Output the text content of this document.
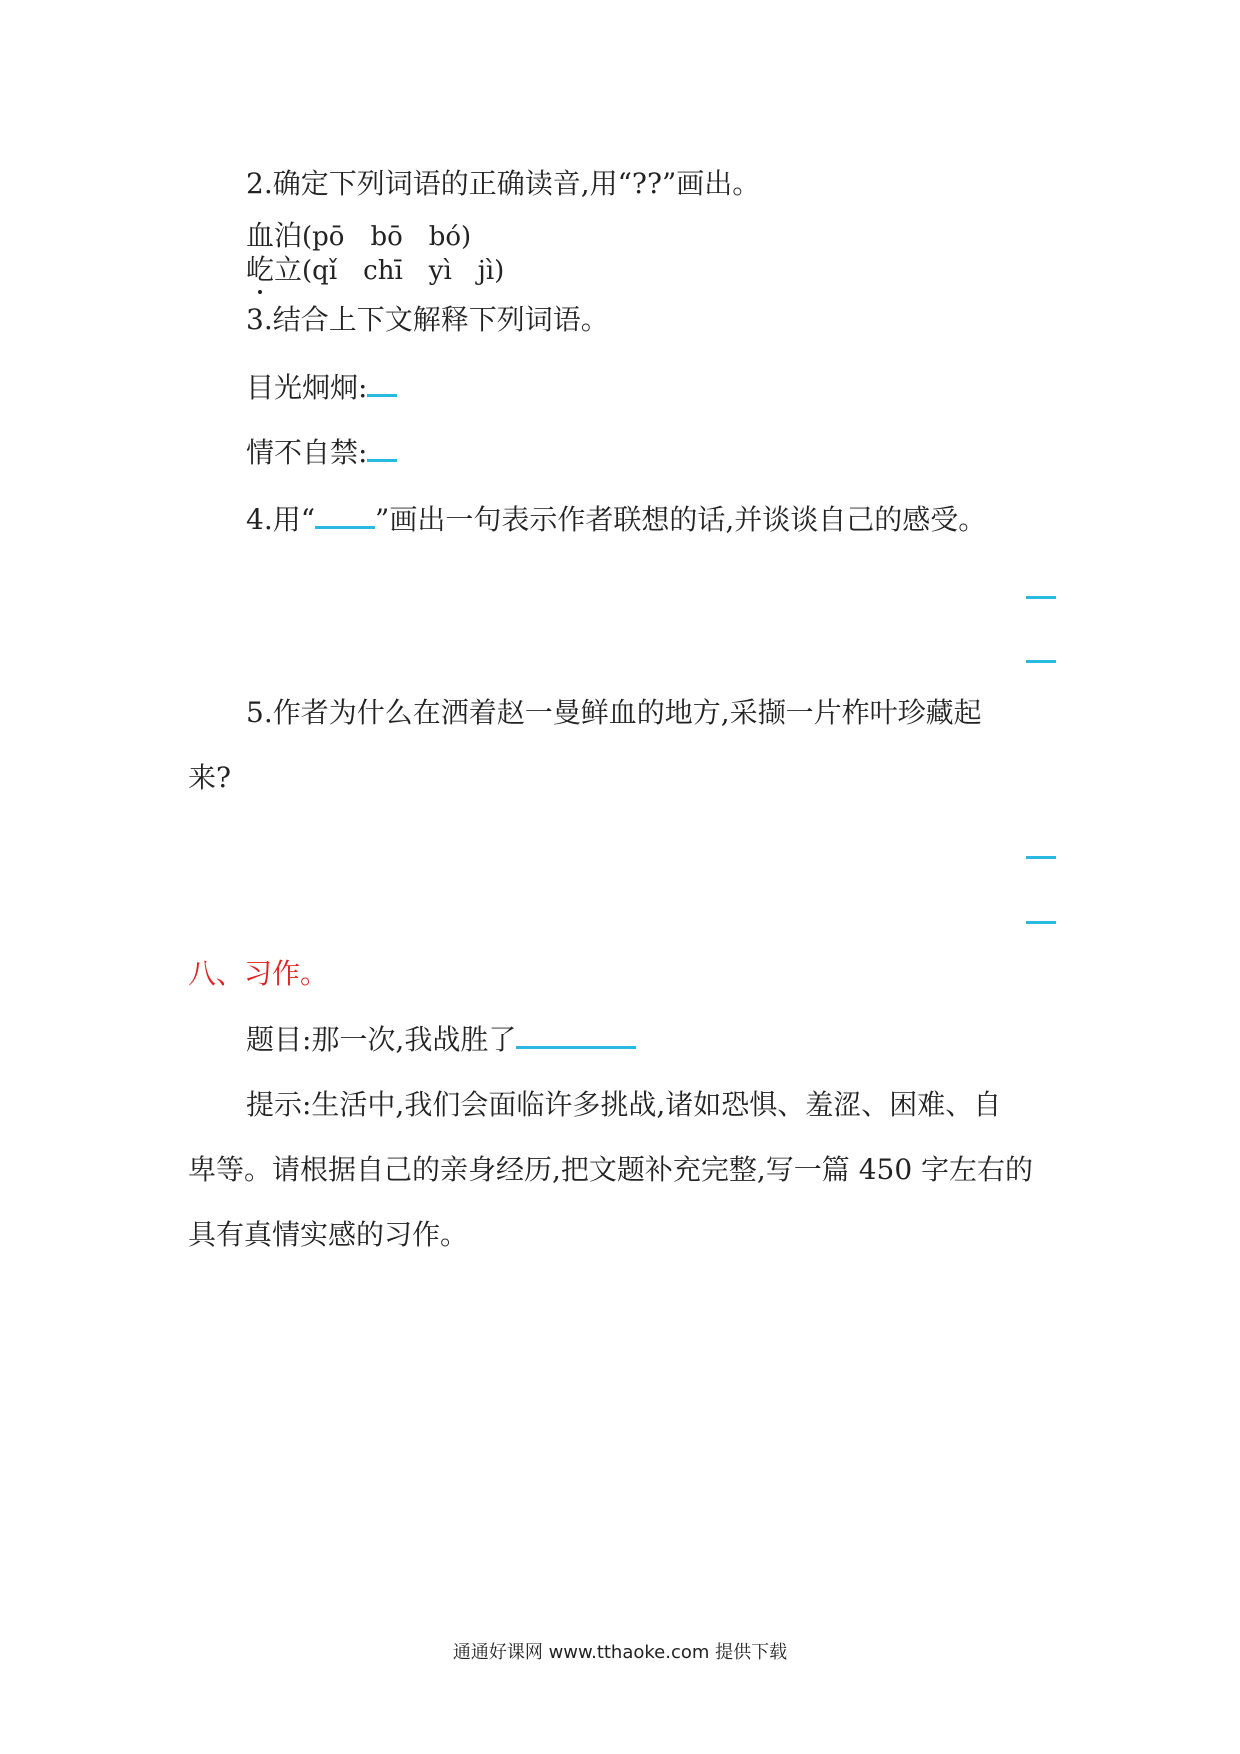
2.确定下列词语的正确读音,用“??”画出。
血泊(pō　bō　bó)
屹立(qǐ　chī　yì　jì)
3.结合上下文解释下列词语。
目光炯炯:
情不自禁:
4.用“ ”画出一句表示作者联想的话,并谈谈自己的感受。
5.作者为什么在洒着赵一曼鲜血的地方,采撷一片柞叶珍藏起
来?
八、习作。
题目:那一次,我战胜了
提示:生活中,我们会面临许多挑战,诸如恐惧、羞涩、困难、自
卑等。请根据自己的亲身经历,把文题补充完整,写一篇 450 字左右的
具有真情实感的习作。
通通好课网 www.tthaoke.com 提供下载
